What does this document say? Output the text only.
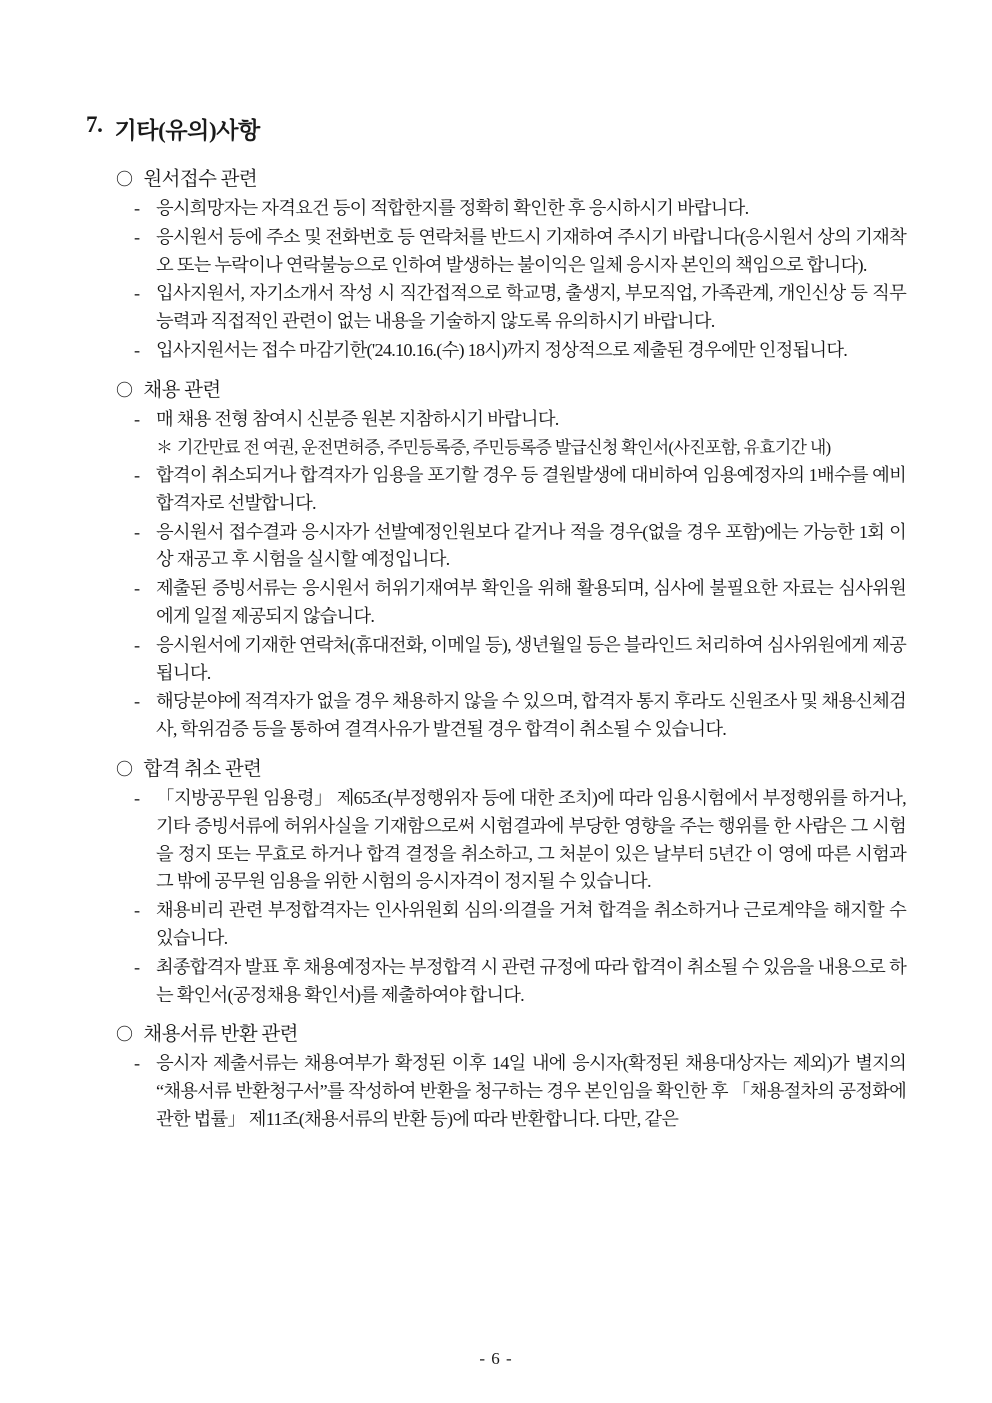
7. 기타(유의)사항
〇 원서접수 관련
- 응시희망자는 자격요건 등이 적합한지를 정확히 확인한 후 응시하시기 바랍니다.
- 응시원서 등에 주소 및 전화번호 등 연락처를 반드시 기재하여 주시기 바랍니다(응시원서 상의 기재착오 또는 누락이나 연락불능으로 인하여 발생하는 불이익은 일체 응시자 본인의 책임으로 합니다).
- 입사지원서, 자기소개서 작성 시 직간접적으로 학교명, 출생지, 부모직업, 가족관계, 개인신상 등 직무능력과 직접적인 관련이 없는 내용을 기술하지 않도록 유의하시기 바랍니다.
- 입사지원서는 접수 마감기한('24.10.16.(수) 18시)까지 정상적으로 제출된 경우에만 인정됩니다.
〇 채용 관련
- 매 채용 전형 참여시 신분증 원본 지참하시기 바랍니다.
＊ 기간만료 전 여권, 운전면허증, 주민등록증, 주민등록증 발급신청 확인서(사진포함, 유효기간 내)
- 합격이 취소되거나 합격자가 임용을 포기할 경우 등 결원발생에 대비하여 임용예정자의 1배수를 예비 합격자로 선발합니다.
- 응시원서 접수결과 응시자가 선발예정인원보다 같거나 적을 경우(없을 경우 포함)에는 가능한 1회 이상 재공고 후 시험을 실시할 예정입니다.
- 제출된 증빙서류는 응시원서 허위기재여부 확인을 위해 활용되며, 심사에 불필요한 자료는 심사위원에게 일절 제공되지 않습니다.
- 응시원서에 기재한 연락처(휴대전화, 이메일 등), 생년월일 등은 블라인드 처리하여 심사위원에게 제공됩니다.
- 해당분야에 적격자가 없을 경우 채용하지 않을 수 있으며, 합격자 통지 후라도 신원조사 및 채용신체검사, 학위검증 등을 통하여 결격사유가 발견될 경우 합격이 취소될 수 있습니다.
〇 합격 취소 관련
- 「지방공무원 임용령」 제65조(부정행위자 등에 대한 조치)에 따라 임용시험에서 부정행위를 하거나, 기타 증빙서류에 허위사실을 기재함으로써 시험결과에 부당한 영향을 주는 행위를 한 사람은 그 시험을 정지 또는 무효로 하거나 합격 결정을 취소하고, 그 처분이 있은 날부터 5년간 이 영에 따른 시험과 그 밖에 공무원 임용을 위한 시험의 응시자격이 정지될 수 있습니다.
- 채용비리 관련 부정합격자는 인사위원회 심의·의결을 거쳐 합격을 취소하거나 근로계약을 해지할 수 있습니다.
- 최종합격자 발표 후 채용예정자는 부정합격 시 관련 규정에 따라 합격이 취소될 수 있음을 내용으로 하는 확인서(공정채용 확인서)를 제출하여야 합니다.
〇 채용서류 반환 관련
- 응시자 제출서류는 채용여부가 확정된 이후 14일 내에 응시자(확정된 채용대상자는 제외)가 별지의 “채용서류 반환청구서”를 작성하여 반환을 청구하는 경우 본인임을 확인한 후 「채용절차의 공정화에 관한 법률」 제11조(채용서류의 반환 등)에 따라 반환합니다. 다만, 같은
- 6 -
